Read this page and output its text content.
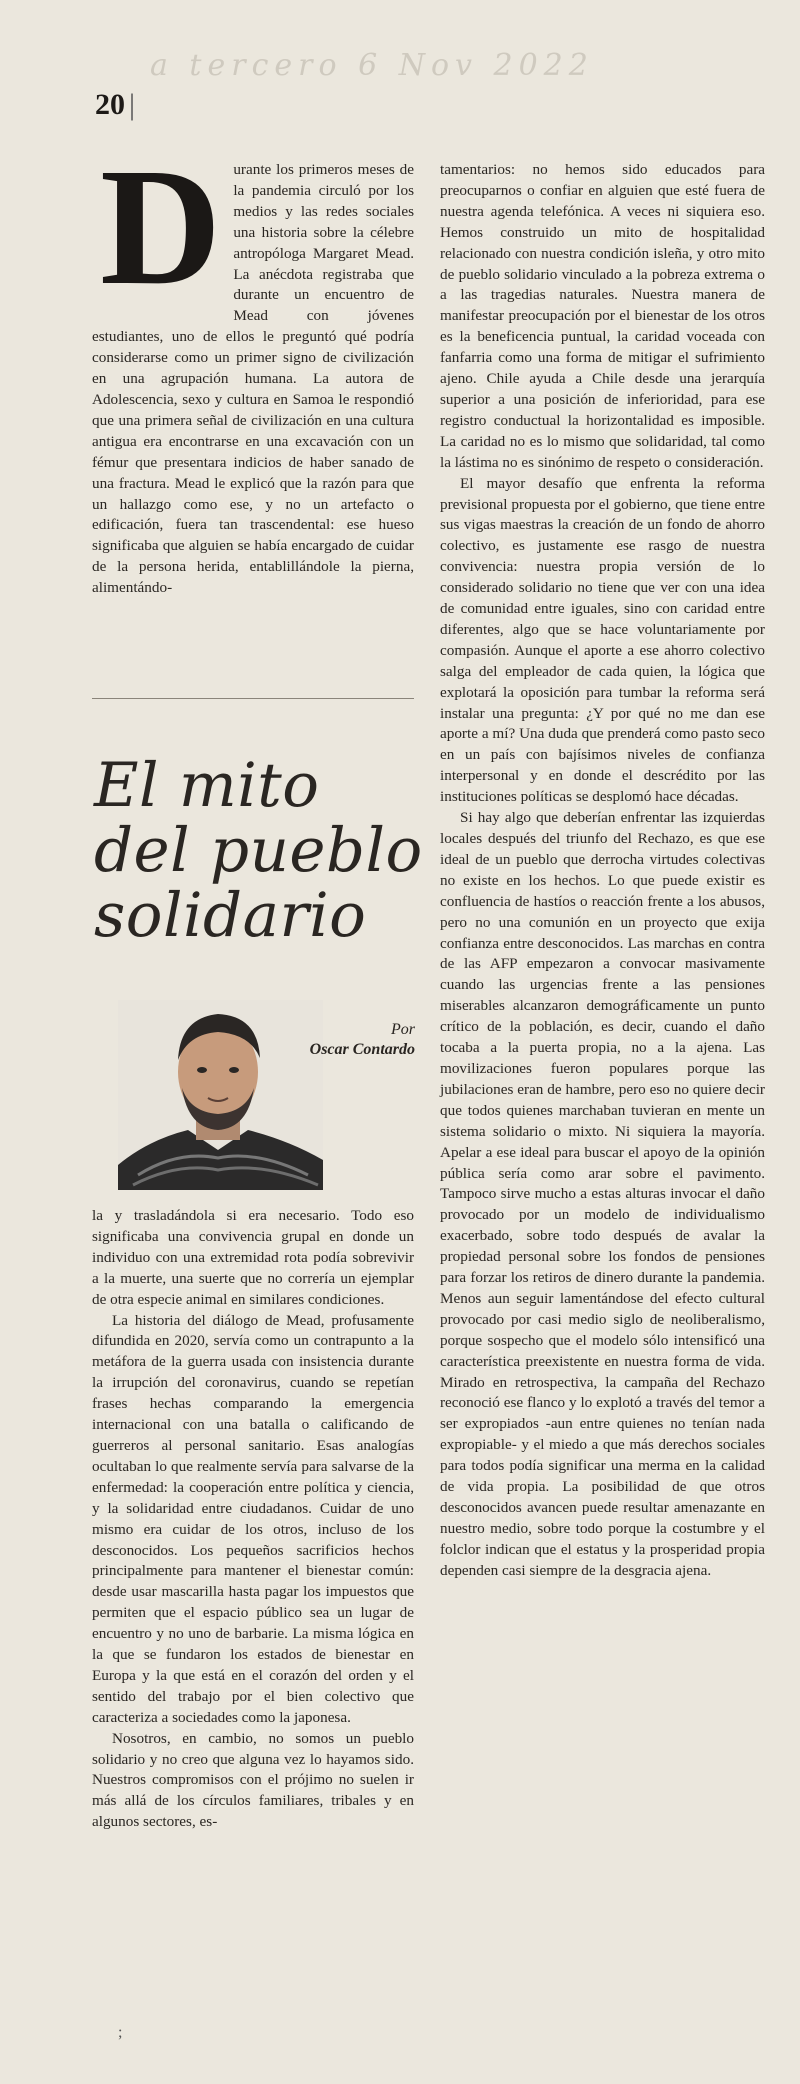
a tercero 6 Nov 2022
20 |
D urante los primeros meses de la pandemia circuló por los medios y las redes sociales una historia sobre la célebre antropóloga Margaret Mead. La anécdota registraba que durante un encuentro de Mead con jóvenes estudiantes, uno de ellos le preguntó qué podría considerarse como un primer signo de civilización en una agrupación humana. La autora de Adolescencia, sexo y cultura en Samoa le respondió que una primera señal de civilización en una cultura antigua era encontrarse en una excavación con un fémur que presentara indicios de haber sanado de una fractura. Mead le explicó que la razón para que un hallazgo como ese, y no un artefacto o edificación, fuera tan trascendental: ese hueso significaba que alguien se había encargado de cuidar de la persona herida, entablillándole la pierna, alimentándo-

El mito del pueblo solidario
Por
Oscar Contardo

la y trasladándola si era necesario. Todo eso significaba una convivencia grupal en donde un individuo con una extremidad rota podía sobrevivir a la muerte, una suerte que no correría un ejemplar de otra especie animal en similares condiciones.

La historia del diálogo de Mead, profusamente difundida en 2020, servía como un contrapunto a la metáfora de la guerra usada con insistencia durante la irrupción del coronavirus, cuando se repetían frases hechas comparando la emergencia internacional con una batalla o calificando de guerreros al personal sanitario. Esas analogías ocultaban lo que realmente servía para salvarse de la enfermedad: la cooperación entre política y ciencia, y la solidaridad entre ciudadanos. Cuidar de uno mismo era cuidar de los otros, incluso de los desconocidos. Los pequeños sacrificios hechos principalmente para mantener el bienestar común: desde usar mascarilla hasta pagar los impuestos que permiten que el espacio público sea un lugar de encuentro y no uno de barbarie. La misma lógica en la que se fundaron los estados de bienestar en Europa y la que está en el corazón del orden y el sentido del trabajo por el bien colectivo que caracteriza a sociedades como la japonesa.

Nosotros, en cambio, no somos un pueblo solidario y no creo que alguna vez lo hayamos sido. Nuestros compromisos con el prójimo no suelen ir más allá de los círculos familiares, tribales y en algunos sectores, es-

tamentarios: no hemos sido educados para preocuparnos o confiar en alguien que esté fuera de nuestra agenda telefónica. A veces ni siquiera eso. Hemos construido un mito de hospitalidad relacionado con nuestra condición isleña, y otro mito de pueblo solidario vinculado a la pobreza extrema o a las tragedias naturales. Nuestra manera de manifestar preocupación por el bienestar de los otros es la beneficencia puntual, la caridad voceada con fanfarria como una forma de mitigar el sufrimiento ajeno. Chile ayuda a Chile desde una jerarquía superior a una posición de inferioridad, para ese registro conductual la horizontalidad es imposible. La caridad no es lo mismo que solidaridad, tal como la lástima no es sinónimo de respeto o consideración.

El mayor desafío que enfrenta la reforma previsional propuesta por el gobierno, que tiene entre sus vigas maestras la creación de un fondo de ahorro colectivo, es justamente ese rasgo de nuestra convivencia: nuestra propia versión de lo considerado solidario no tiene que ver con una idea de comunidad entre iguales, sino con caridad entre diferentes, algo que se hace voluntariamente por compasión. Aunque el aporte a ese ahorro colectivo salga del empleador de cada quien, la lógica que explotará la oposición para tumbar la reforma será instalar una pregunta: ¿Y por qué no me dan ese aporte a mí? Una duda que prenderá como pasto seco en un país con bajísimos niveles de confianza interpersonal y en donde el descrédito por las instituciones políticas se desplomó hace décadas.

Si hay algo que deberían enfrentar las izquierdas locales después del triunfo del Rechazo, es que ese ideal de un pueblo que derrocha virtudes colectivas no existe en los hechos. Lo que puede existir es confluencia de hastíos o reacción frente a los abusos, pero no una comunión en un proyecto que exija confianza entre desconocidos. Las marchas en contra de las AFP empezaron a convocar masivamente cuando las urgencias frente a las pensiones miserables alcanzaron demográficamente un punto crítico de la población, es decir, cuando el daño tocaba a la puerta propia, no a la ajena. Las movilizaciones fueron populares porque las jubilaciones eran de hambre, pero eso no quiere decir que todos quienes marchaban tuvieran en mente un sistema solidario o mixto. Ni siquiera la mayoría. Apelar a ese ideal para buscar el apoyo de la opinión pública sería como arar sobre el pavimento. Tampoco sirve mucho a estas alturas invocar el daño provocado por un modelo de individualismo exacerbado, sobre todo después de avalar la propiedad personal sobre los fondos de pensiones para forzar los retiros de dinero durante la pandemia. Menos aun seguir lamentándose del efecto cultural provocado por casi medio siglo de neoliberalismo, porque sospecho que el modelo sólo intensificó una característica preexistente en nuestra forma de vida. Mirado en retrospectiva, la campaña del Rechazo reconoció ese flanco y lo explotó a través del temor a ser expropiados -aun entre quienes no tenían nada expropiable- y el miedo a que más derechos sociales para todos podía significar una merma en la calidad de vida propia. La posibilidad de que otros desconocidos avancen puede resultar amenazante en nuestro medio, sobre todo porque la costumbre y el folclor indican que el estatus y la prosperidad propia dependen casi siempre de la desgracia ajena.

;
